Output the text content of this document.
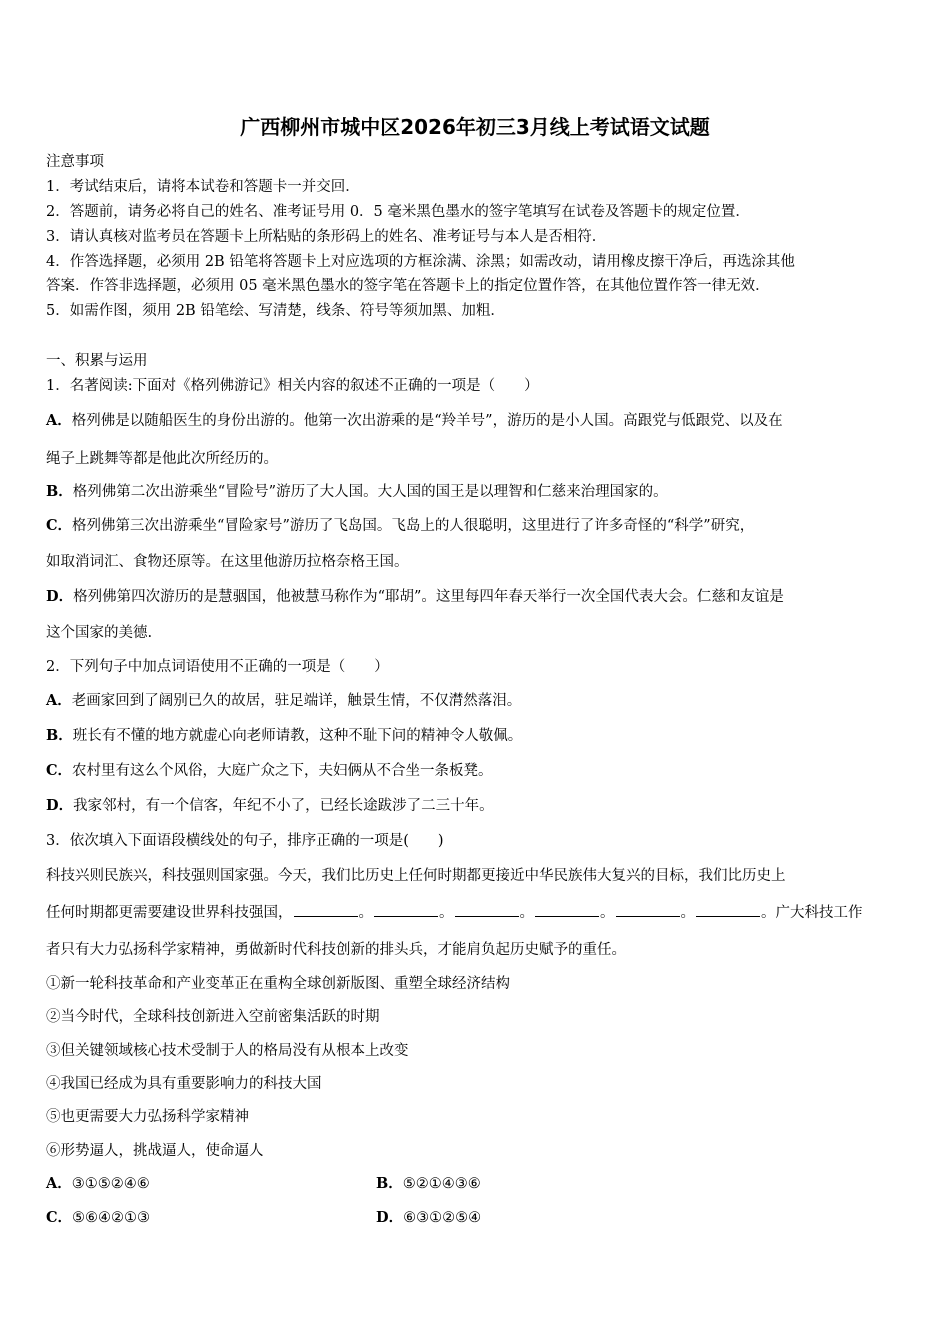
广西柳州市城中区2026年初三3月线上考试语文试题
注意事项
1．考试结束后，请将本试卷和答题卡一并交回．
2．答题前，请务必将自己的姓名、准考证号用 0．5 毫米黑色墨水的签字笔填写在试卷及答题卡的规定位置．
3．请认真核对监考员在答题卡上所粘贴的条形码上的姓名、准考证号与本人是否相符．
4．作答选择题，必须用 2B 铅笔将答题卡上对应选项的方框涂满、涂黑；如需改动，请用橡皮擦干净后，再选涂其他
答案．作答非选择题，必须用 05 毫米黑色墨水的签字笔在答题卡上的指定位置作答，在其他位置作答一律无效．
5．如需作图，须用 2B 铅笔绘、写清楚，线条、符号等须加黑、加粗．
一、积累与运用
1．名著阅读:下面对《格列佛游记》相关内容的叙述不正确的一项是（　　）
A．格列佛是以随船医生的身份出游的。他第一次出游乘的是“羚羊号”，游历的是小人国。高跟党与低跟党、以及在
绳子上跳舞等都是他此次所经历的。
B．格列佛第二次出游乘坐“冒险号”游历了大人国。大人国的国王是以理智和仁慈来治理国家的。
C．格列佛第三次出游乘坐“冒险家号”游历了飞岛国。飞岛上的人很聪明，这里进行了许多奇怪的“科学”研究，
如取消词汇、食物还原等。在这里他游历拉格奈格王国。
D．格列佛第四次游历的是慧骃国，他被慧马称作为“耶胡”。这里每四年春天举行一次全国代表大会。仁慈和友谊是
这个国家的美德.
2．下列句子中加点词语使用不正确的一项是（　　）
A．老画家回到了阔别已久的故居，驻足端详，触景生情，不仅潸然落泪。
B．班长有不懂的地方就虚心向老师请教，这种不耻下问的精神令人敬佩。
C．农村里有这么个风俗，大庭广众之下，夫妇俩从不合坐一条板凳。
D．我家邻村，有一个信客，年纪不小了，已经长途跋涉了二三十年。
3．依次填入下面语段横线处的句子，排序正确的一项是(　　)
科技兴则民族兴，科技强则国家强。今天，我们比历史上任何时期都更接近中华民族伟大复兴的目标，我们比历史上
任何时期都更需要建设世界科技强国，	。	。	。	。	。	。广大科技工作
者只有大力弘扬科学家精神，勇做新时代科技创新的排头兵，才能肩负起历史赋予的重任。
①新一轮科技革命和产业变革正在重构全球创新版图、重塑全球经济结构
②当今时代，全球科技创新进入空前密集活跃的时期
③但关键领域核心技术受制于人的格局没有从根本上改变
④我国已经成为具有重要影响力的科技大国
⑤也更需要大力弘扬科学家精神
⑥形势逼人，挑战逼人，使命逼人
A．③①⑤②④⑥	B．⑤②①④③⑥
C．⑤⑥④②①③	D．⑥③①②⑤④
